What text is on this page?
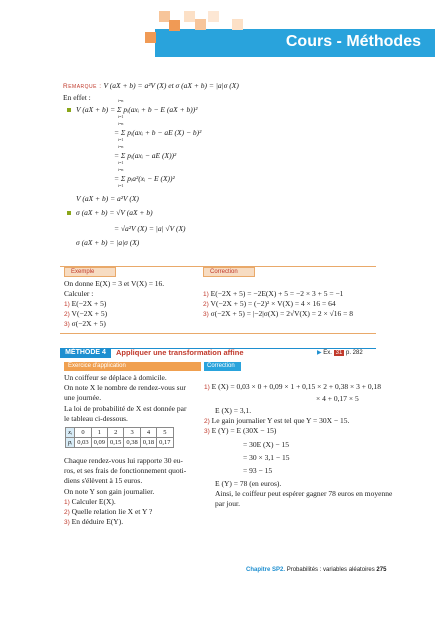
Cours - Méthodes
Remarque : V (aX + b) = a²V (X) et σ (aX + b) = |a|σ (X)
En effet :
V (aX + b) = Σ pᵢ(axᵢ + b − E (aX + b))²
i=n
i=1
= Σ pᵢ(axᵢ + b − aE (X) − b)²
i=n
i=1
= Σ pᵢ(axᵢ − aE (X))²
i=n
i=1
= Σ pᵢa²(xᵢ − E (X))²
i=n
i=1
V (aX + b) = a²V (X)
σ (aX + b) = √V (aX + b)
= √a²V (X) = |a| √V (X)
σ (aX + b) = |a|σ (X)
Exemple	Correction
On donne E(X) = 3 et V(X) = 16.
Calculer :
1) E(−2X + 5)
2) V(−2X + 5)
3) σ(−2X + 5)
1) E(−2X + 5) = −2E(X) + 5 = −2 × 3 + 5 = −1
2) V(−2X + 5) = (−2)² × V(X) = 4 × 16 = 64
3) σ(−2X + 5) = |−2|σ(X) = 2√V(X) = 2 × √16 = 8
MÉTHODE 4	Appliquer une transformation affine	▶ Ex. 31 p. 282
Exercice d'application
Un coiffeur se déplace à domicile.
On note X le nombre de rendez-vous sur
une journée.
La loi de probabilité de X est donnée par
le tableau ci-dessous.
xᵢ	0	1	2	3	4	5
pᵢ	0,03	0,09	0,15	0,38	0,18	0,17
Chaque rendez-vous lui rapporte 30 eu-
ros, et ses frais de fonctionnement quoti-
diens s'élèvent à 15 euros.
On note Y son gain journalier.
1) Calculer E(X).
2) Quelle relation lie X et Y ?
3) En déduire E(Y).
Correction
1) E (X) = 0,03 × 0 + 0,09 × 1 + 0,15 × 2 + 0,38 × 3 + 0,18
× 4 + 0,17 × 5
E (X) = 3,1.
2) Le gain journalier Y est tel que Y = 30X − 15.
3) E (Y) = E (30X − 15)
= 30E (X) − 15
= 30 × 3,1 − 15
= 93 − 15
E (Y) = 78 (en euros).
Ainsi, le coiffeur peut espérer gagner 78 euros en moyenne
par jour.
Chapitre SP2. Probabilités : variables aléatoires 275
